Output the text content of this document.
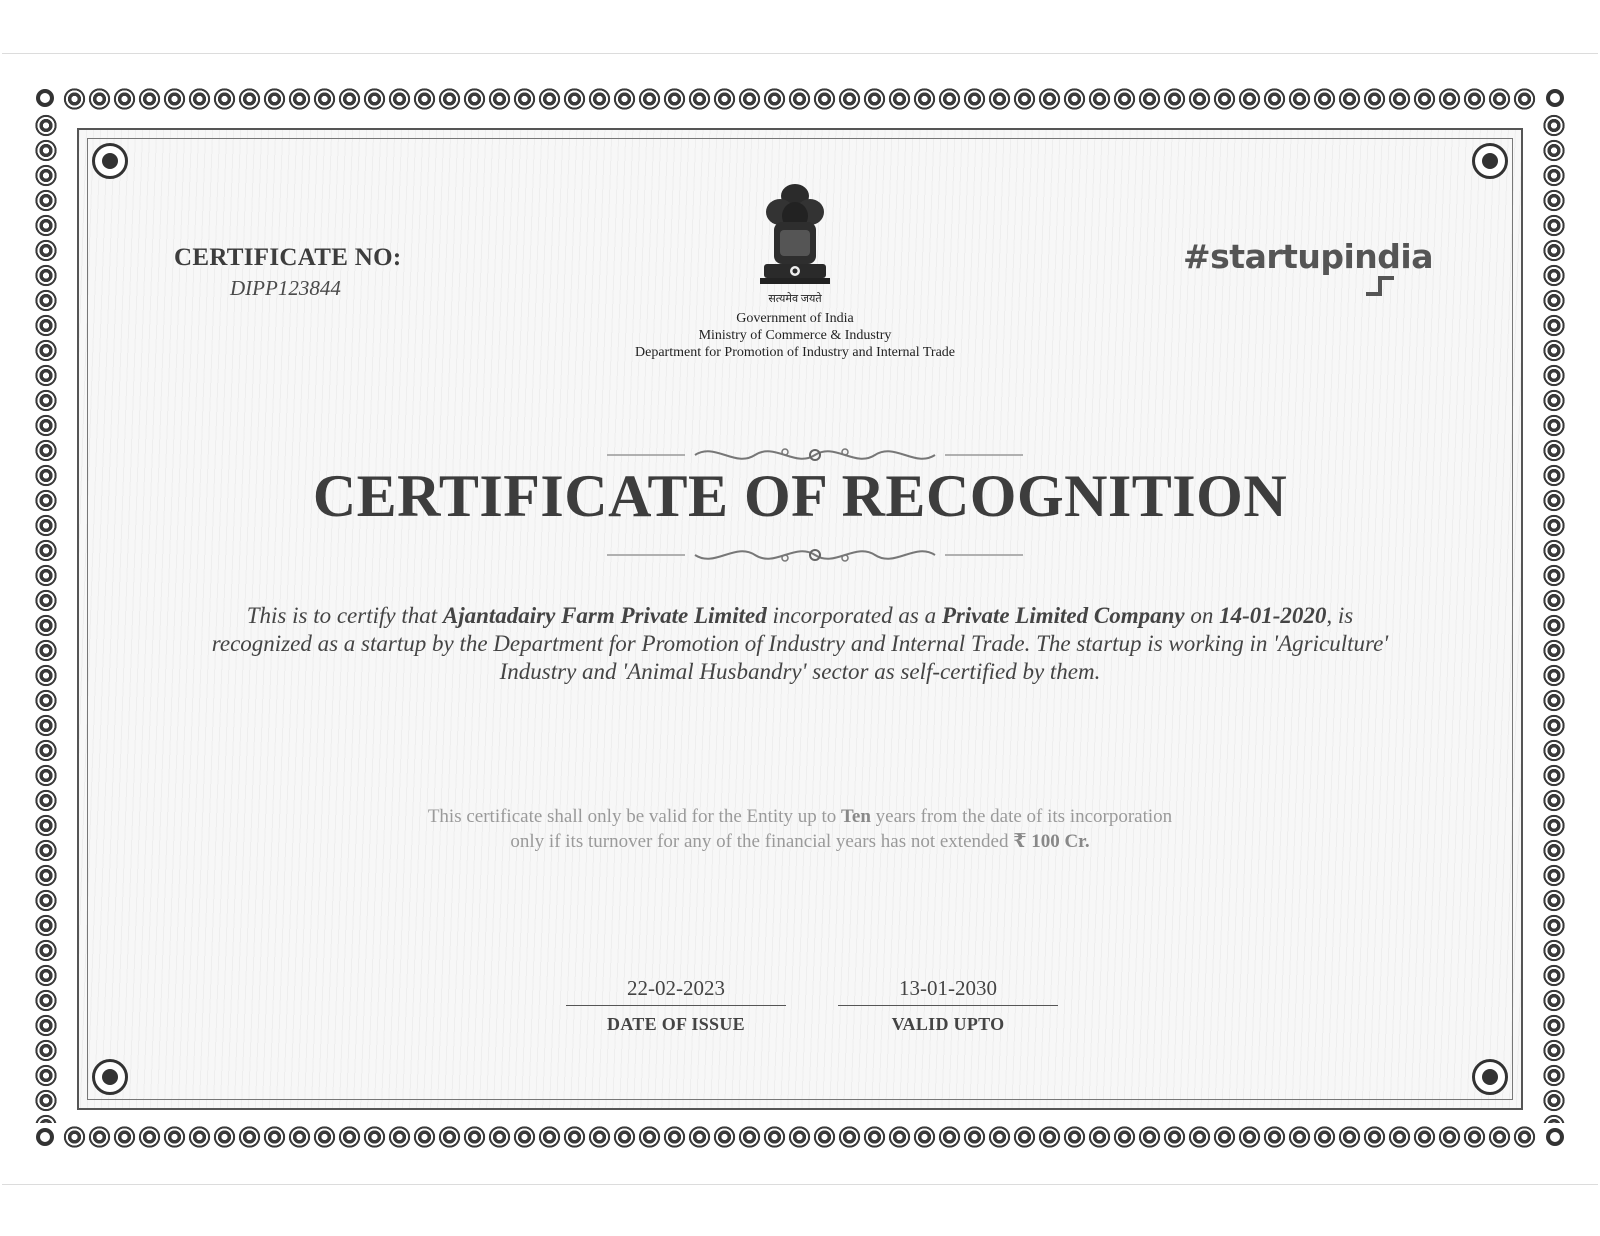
CERTIFICATE NO:
DIPP123844	सत्यमेव जयते
Government of India
Ministry of Commerce & Industry
Department for Promotion of Industry and Internal Trade
#startupindia
CERTIFICATE OF RECOGNITION
This is to certify that Ajantadairy Farm Private Limited incorporated as a Private Limited Company on 14-01-2020, is recognized as a startup by the Department for Promotion of Industry and Internal Trade. The startup is working in 'Agriculture' Industry and 'Animal Husbandry' sector as self-certified by them.
This certificate shall only be valid for the Entity up to Ten years from the date of its incorporation
only if its turnover for any of the financial years has not extended ₹ 100 Cr.
22-02-2023
DATE OF ISSUE
13-01-2030
VALID UPTO
